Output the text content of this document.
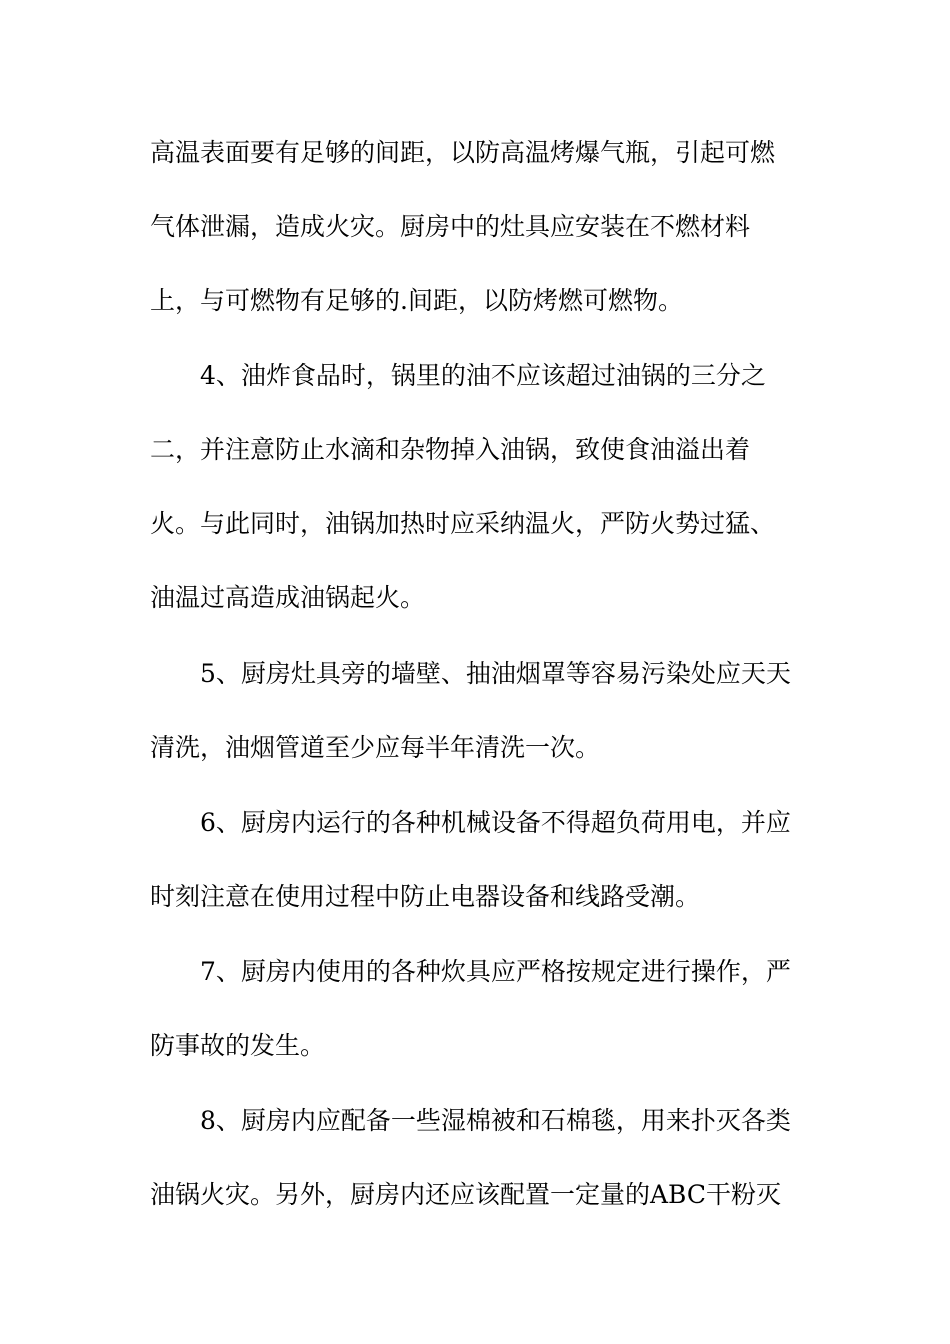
高温表面要有足够的间距，以防高温烤爆气瓶，引起可燃
气体泄漏，造成火灾。厨房中的灶具应安装在不燃材料
上，与可燃物有足够的.间距，以防烤燃可燃物。
4、油炸食品时，锅里的油不应该超过油锅的三分之
二，并注意防止水滴和杂物掉入油锅，致使食油溢出着
火。与此同时，油锅加热时应采纳温火，严防火势过猛、
油温过高造成油锅起火。
5、厨房灶具旁的墙壁、抽油烟罩等容易污染处应天天
清洗，油烟管道至少应每半年清洗一次。
6、厨房内运行的各种机械设备不得超负荷用电，并应
时刻注意在使用过程中防止电器设备和线路受潮。
7、厨房内使用的各种炊具应严格按规定进行操作，严
防事故的发生。
8、厨房内应配备一些湿棉被和石棉毯，用来扑灭各类
油锅火灾。另外，厨房内还应该配置一定量的ABC干粉灭
